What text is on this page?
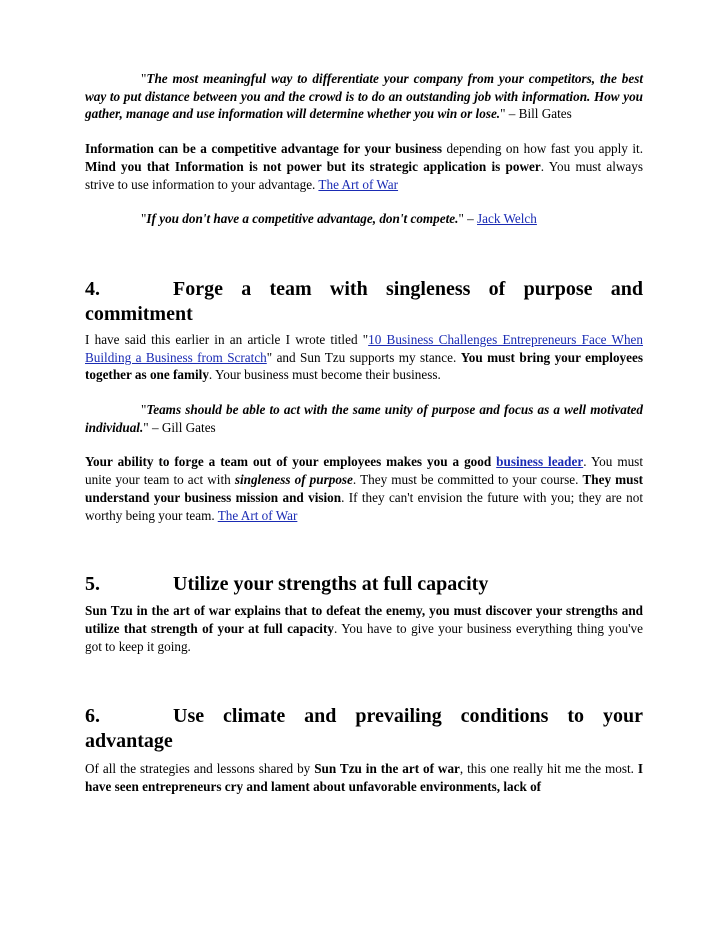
"The most meaningful way to differentiate your company from your competitors, the best way to put distance between you and the crowd is to do an outstanding job with information. How you gather, manage and use information will determine whether you win or lose." – Bill Gates

Information can be a competitive advantage for your business depending on how fast you apply it. Mind you that Information is not power but its strategic application is power. You must always strive to use information to your advantage. The Art of War

"If you don't have a competitive advantage, don't compete." – Jack Welch

4.	Forge a team with singleness of purpose and commitment

I have said this earlier in an article I wrote titled "10 Business Challenges Entrepreneurs Face When Building a Business from Scratch" and Sun Tzu supports my stance. You must bring your employees together as one family. Your business must become their business.

"Teams should be able to act with the same unity of purpose and focus as a well motivated individual." – Gill Gates

Your ability to forge a team out of your employees makes you a good business leader. You must unite your team to act with singleness of purpose. They must be committed to your course. They must understand your business mission and vision. If they can't envision the future with you; they are not worthy being your team. The Art of War

5.	Utilize your strengths at full capacity

Sun Tzu in the art of war explains that to defeat the enemy, you must discover your strengths and utilize that strength of your at full capacity. You have to give your business everything thing you've got to keep it going.

6.	Use climate and prevailing conditions to your advantage

Of all the strategies and lessons shared by Sun Tzu in the art of war, this one really hit me the most. I have seen entrepreneurs cry and lament about unfavorable environments, lack of
